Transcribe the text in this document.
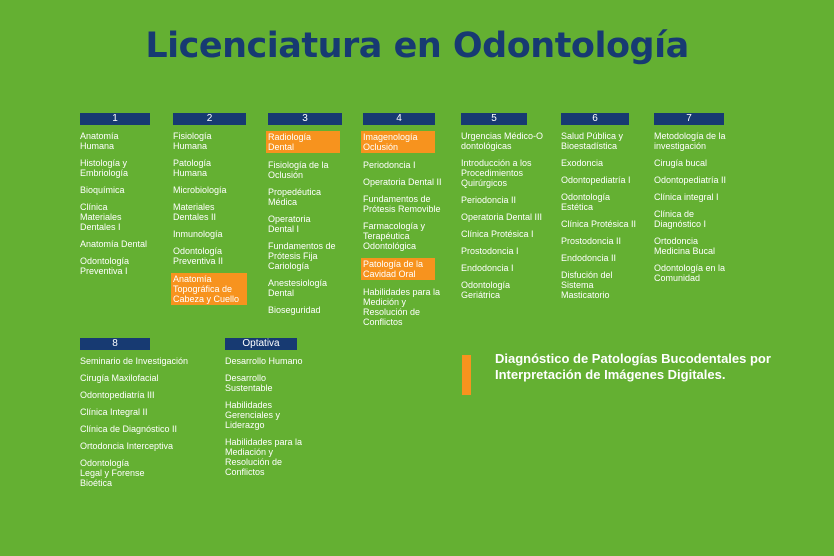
Licenciatura en Odontología
1
Anatomía Humana
Histología y Embriología
Bioquímica
Clínica Materiales Dentales I
Anatomía Dental
Odontología Preventiva I
2
Fisiología Humana
Patología Humana
Microbiología
Materiales Dentales II
Inmunología
Odontología Preventiva II
Anatomía Topográfica de Cabeza y Cuello
3
Radiología Dental
Fisiología de la Oclusión
Propedéutica Médica
Operatoria Dental I
Fundamentos de Prótesis Fija Cariología
Anestesiología Dental
Bioseguridad
4
Imagenología Oclusión
Periodoncia I
Operatoria Dental II
Fundamentos de Prótesis Removible
Farmacología y Terapéutica Odontológica
Patología de la Cavidad Oral
Habilidades para la Medición y Resolución de Conflictos
5
Urgencias Médico-Odontológicas
Introducción a los Procedimientos Quirúrgicos
Periodoncia II
Operatoria Dental III
Clínica Protésica I
Prostodoncia I
Endodoncia I
Odontología Geriátrica
6
Salud Pública y Bioestadística
Exodoncia
Odontopediatría I
Odontología Estética
Clínica Protésica II
Prostodoncia II
Endodoncia II
Disfución del Sistema Masticatorio
7
Metodología de la investigación
Cirugía bucal
Odontopediatría II
Clínica integral I
Clínica de Diagnóstico I
Ortodoncia Medicina Bucal
Odontología en la Comunidad
8
Seminario de Investigación
Cirugía Maxilofacial
Odontopediatría III
Clínica Integral II
Clínica de Diagnóstico II
Ortodoncia Interceptiva
Odontología Legal y Forense Bioética
Optativa
Desarrollo Humano
Desarrollo Sustentable
Habilidades Gerenciales y Liderazgo
Habilidades para la Mediación y Resolución de Conflictos
Diagnóstico de Patologías Bucodentales por Interpretación de Imágenes Digitales.
